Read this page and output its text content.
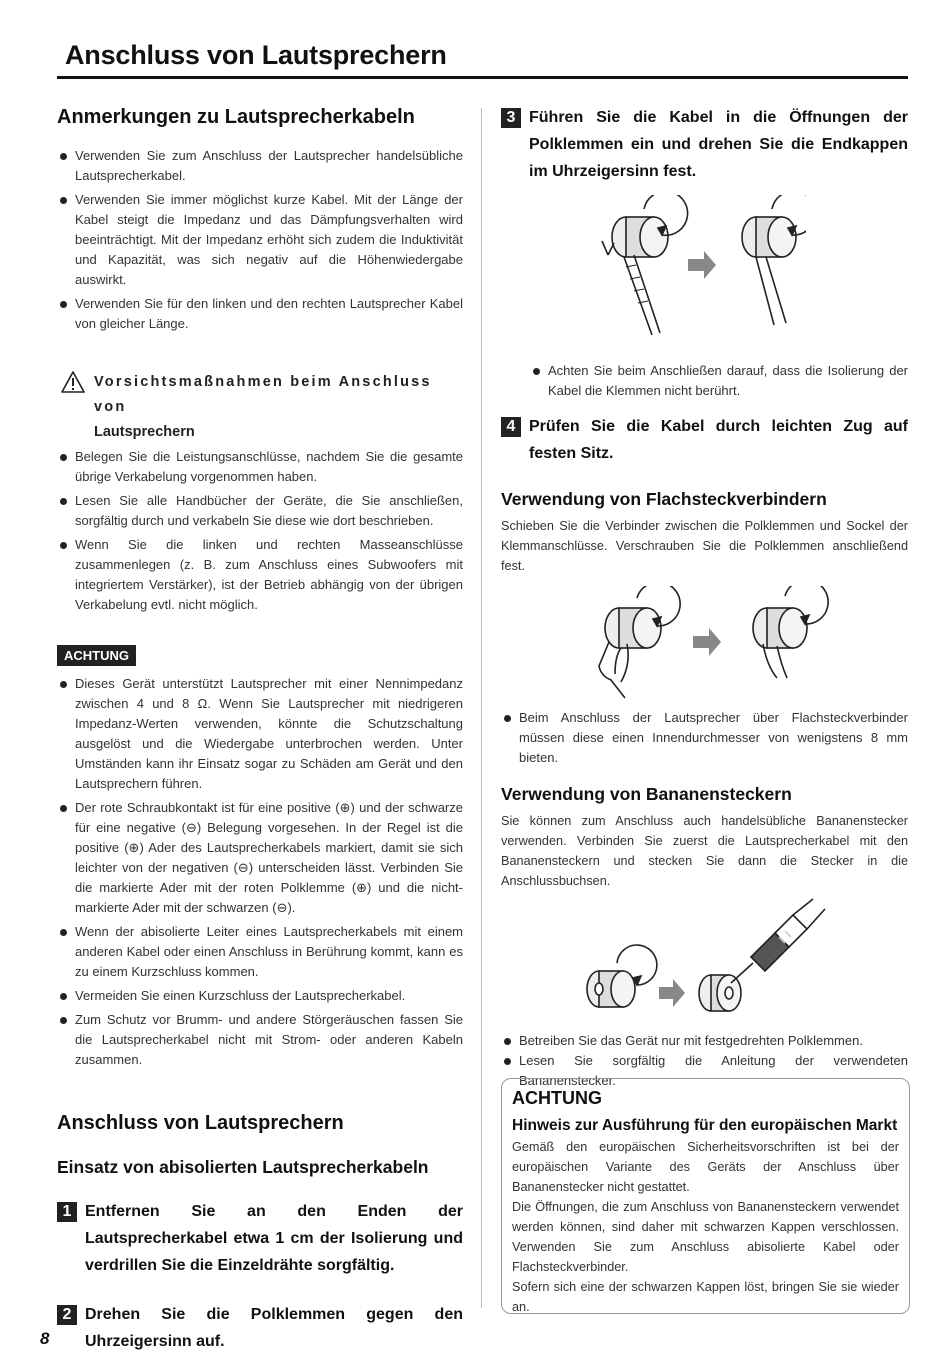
Anschluss von Lautsprechern
Anmerkungen zu Lautsprecherkabeln
Verwenden Sie zum Anschluss der Lautsprecher handelsübliche Lautsprecherkabel.
Verwenden Sie immer möglichst kurze Kabel. Mit der Länge der Kabel steigt die Impedanz und das Dämpfungsverhalten wird beeinträchtigt. Mit der Impedanz erhöht sich zudem die Induktivität und Kapazität, was sich negativ auf die Höhenwiedergabe auswirkt.
Verwenden Sie für den linken und den rechten Lautsprecher Kabel von gleicher Länge.
Vorsichtsmaßnahmen beim Anschluss von
Lautsprechern
Belegen Sie die Leistungsanschlüsse, nachdem Sie die gesamte übrige Verkabelung vorgenommen haben.
Lesen Sie alle Handbücher der Geräte, die Sie anschließen, sorgfältig durch und verkabeln Sie diese wie dort beschrieben.
Wenn Sie die linken und rechten Masseanschlüsse zusammenlegen (z. B. zum Anschluss eines Subwoofers mit integriertem Verstärker), ist der Betrieb abhängig von der übrigen Verkabelung evtl. nicht möglich.
ACHTUNG
Dieses Gerät unterstützt Lautsprecher mit einer Nennimpedanz zwischen 4 und 8 Ω. Wenn Sie Lautsprecher mit niedrigeren Impedanz-Werten verwenden, könnte die Schutzschaltung ausgelöst und die Wiedergabe unterbrochen werden. Unter Umständen kann ihr Einsatz sogar zu Schäden am Gerät und den Lautsprechern führen.
Der rote Schraubkontakt ist für eine positive (⊕) und der schwarze für eine negative (⊖) Belegung vorgesehen. In der Regel ist die positive (⊕) Ader des Lautsprecherkabels markiert, damit sie sich leichter von der negativen (⊖) unterscheiden lässt. Verbinden Sie die markierte Ader mit der roten Polklemme (⊕) und die nicht-markierte Ader mit der schwarzen (⊖).
Wenn der abisolierte Leiter eines Lautsprecherkabels mit einem anderen Kabel oder einen Anschluss in Berührung kommt, kann es zu einem Kurzschluss kommen.
Vermeiden Sie einen Kurzschluss der Lautsprecherkabel.
Zum Schutz vor Brumm- und andere Störgeräuschen fassen Sie die Lautsprecherkabel nicht mit Strom- oder anderen Kabeln zusammen.
Anschluss von Lautsprechern
Einsatz von abisolierten Lautsprecherkabeln
1 Entfernen Sie an den Enden der Lautsprecherkabel etwa 1 cm der Isolierung und verdrillen Sie die Einzeldrähte sorgfältig.
2 Drehen Sie die Polklemmen gegen den Uhrzeigersinn auf.
3 Führen Sie die Kabel in die Öffnungen der Polklemmen ein und drehen Sie die Endkappen im Uhrzeigersinn fest.
Achten Sie beim Anschließen darauf, dass die Isolierung der Kabel die Klemmen nicht berührt.
4 Prüfen Sie die Kabel durch leichten Zug auf festen Sitz.
Verwendung von Flachsteckverbindern
Schieben Sie die Verbinder zwischen die Polklemmen und Sockel der Klemmanschlüsse. Verschrauben Sie die Polklemmen anschließend fest.
Beim Anschluss der Lautsprecher über Flachsteckverbinder müssen diese einen Innendurchmesser von wenigstens 8 mm bieten.
Verwendung von Bananensteckern
Sie können zum Anschluss auch handelsübliche Bananenstecker verwenden. Verbinden Sie zuerst die Lautsprecherkabel mit den Bananensteckern und stecken Sie dann die Stecker in die Anschlussbuchsen.
Betreiben Sie das Gerät nur mit festgedrehten Polklemmen.
Lesen Sie sorgfältig die Anleitung der verwendeten Bananenstecker.
ACHTUNG
Hinweis zur Ausführung für den europäischen Markt
Gemäß den europäischen Sicherheitsvorschriften ist bei der europäischen Variante des Geräts der Anschluss über Bananenstecker nicht gestattet.
Die Öffnungen, die zum Anschluss von Bananensteckern verwendet werden können, sind daher mit schwarzen Kappen verschlossen. Verwenden Sie zum Anschluss abisolierte Kabel oder Flachsteckverbinder.
Sofern sich eine der schwarzen Kappen löst, bringen Sie sie wieder an.
8
